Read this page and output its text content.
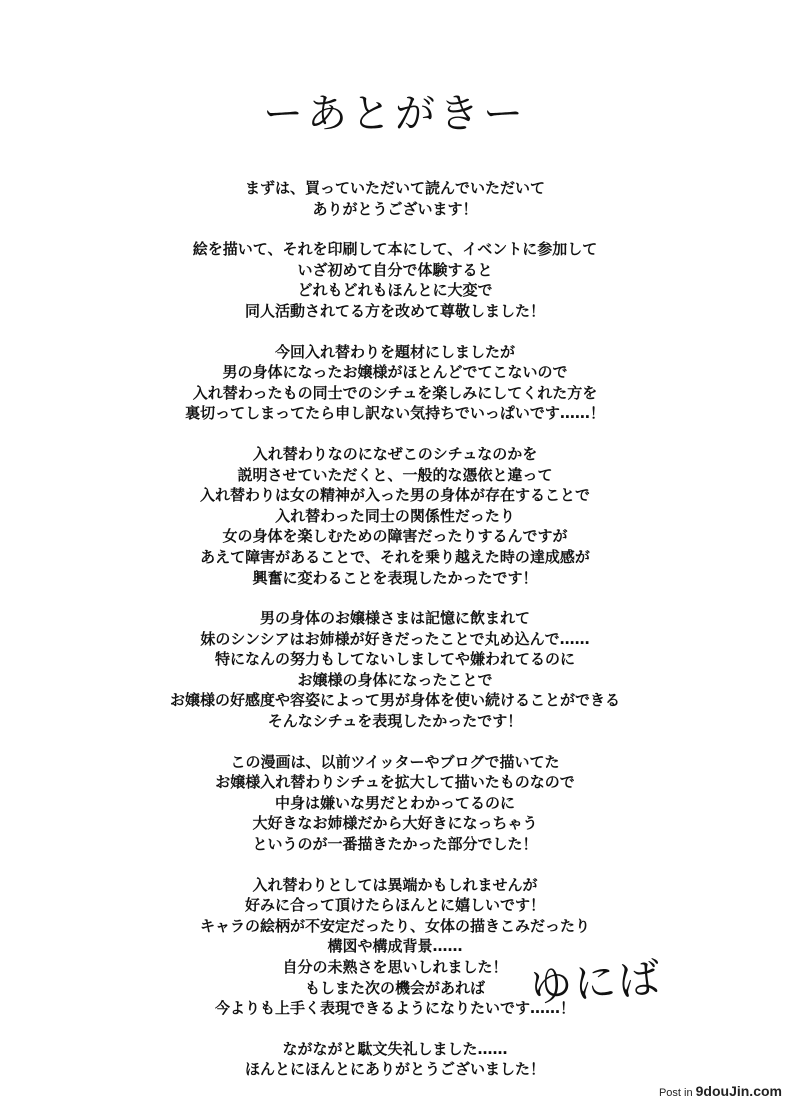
ーあとがきー
まずは、買っていただいて読んでいただいて
ありがとうございます！
絵を描いて、それを印刷して本にして、イベントに参加して
いざ初めて自分で体験すると
どれもどれもほんとに大変で
同人活動されてる方を改めて尊敬しました！
今回入れ替わりを題材にしましたが
男の身体になったお嬢様がほとんどでてこないので
入れ替わったもの同士でのシチュを楽しみにしてくれた方を
裏切ってしまってたら申し訳ない気持ちでいっぱいです……！
入れ替わりなのになぜこのシチュなのかを
説明させていただくと、一般的な憑依と違って
入れ替わりは女の精神が入った男の身体が存在することで
入れ替わった同士の関係性だったり
女の身体を楽しむための障害だったりするんですが
あえて障害があることで、それを乗り越えた時の達成感が
興奮に変わることを表現したかったです！
男の身体のお嬢様さまは記憶に飲まれて
妹のシンシアはお姉様が好きだったことで丸め込んで……
特になんの努力もしてないしましてや嫌われてるのに
お嬢様の身体になったことで
お嬢様の好感度や容姿によって男が身体を使い続けることができる
そんなシチュを表現したかったです！
この漫画は、以前ツイッターやブログで描いてた
お嬢様入れ替わりシチュを拡大して描いたものなので
中身は嫌いな男だとわかってるのに
大好きなお姉様だから大好きになっちゃう
というのが一番描きたかった部分でした！
入れ替わりとしては異端かもしれませんが
好みに合って頂けたらほんとに嬉しいです！
キャラの絵柄が不安定だったり、女体の描きこみだったり
構図や構成背景……
自分の未熟さを思いしれました！
もしまた次の機会があれば
今よりも上手く表現できるようになりたいです……！
ながながと駄文失礼しました……
ほんとにほんとにありがとうございました！
ゆにば
Post in 9douJin.com
